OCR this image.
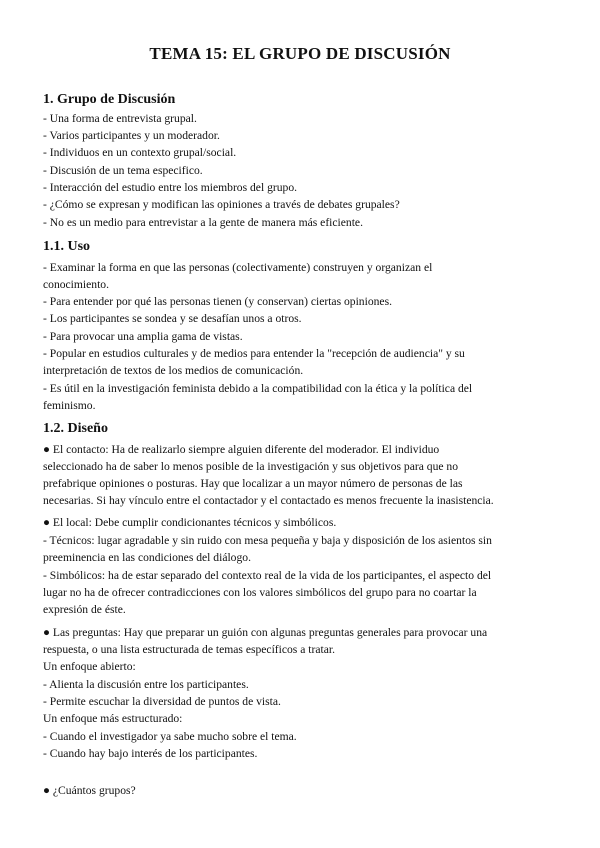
TEMA 15: EL GRUPO DE DISCUSIÓN
1. Grupo de Discusión

- Una forma de entrevista grupal.

- Varios participantes y un moderador.

- Individuos en un contexto grupal/social.

- Discusión de un tema especifico.

- Interacción del estudio entre los miembros del grupo.

- ¿Cómo se expresan y modifican las opiniones a través de debates grupales?

- No es un medio para entrevistar a la gente de manera más eficiente.

1.1. Uso

- Examinar la forma en que las personas (colectivamente) construyen y organizan el

conocimiento.

- Para entender por qué las personas tienen (y conservan) ciertas opiniones.

- Los participantes se sondea y se desafían unos a otros.

- Para provocar una amplia gama de vistas.

- Popular en estudios culturales y de medios para entender la "recepción de audiencia" y su

interpretación de textos de los medios de comunicación.

- Es útil en la investigación feminista debido a la compatibilidad con la ética y la política del

feminismo.

1.2. Diseño

● El contacto: Ha de realizarlo siempre alguien diferente del moderador. El individuo

seleccionado ha de saber lo menos posible de la investigación y sus objetivos para que no

prefabrique opiniones o posturas. Hay que localizar a un mayor número de personas de las

necesarias. Si hay vínculo entre el contactador y el contactado es menos frecuente la inasistencia.

● El local: Debe cumplir condicionantes técnicos y simbólicos.

- Técnicos: lugar agradable y sin ruido con mesa pequeña y baja y disposición de los asientos sin

preeminencia en las condiciones del diálogo.

- Simbólicos: ha de estar separado del contexto real de la vida de los participantes, el aspecto del

lugar no ha de ofrecer contradicciones con los valores simbólicos del grupo para no coartar la

expresión de éste.

● Las preguntas: Hay que preparar un guión con algunas preguntas generales para provocar una

respuesta, o una lista estructurada de temas específicos a tratar.

Un enfoque abierto:

- Alienta la discusión entre los participantes.

- Permite escuchar la diversidad de puntos de vista.

Un enfoque más estructurado:

- Cuando el investigador ya sabe mucho sobre el tema.

- Cuando hay bajo interés de los participantes.

● ¿Cuántos grupos?
